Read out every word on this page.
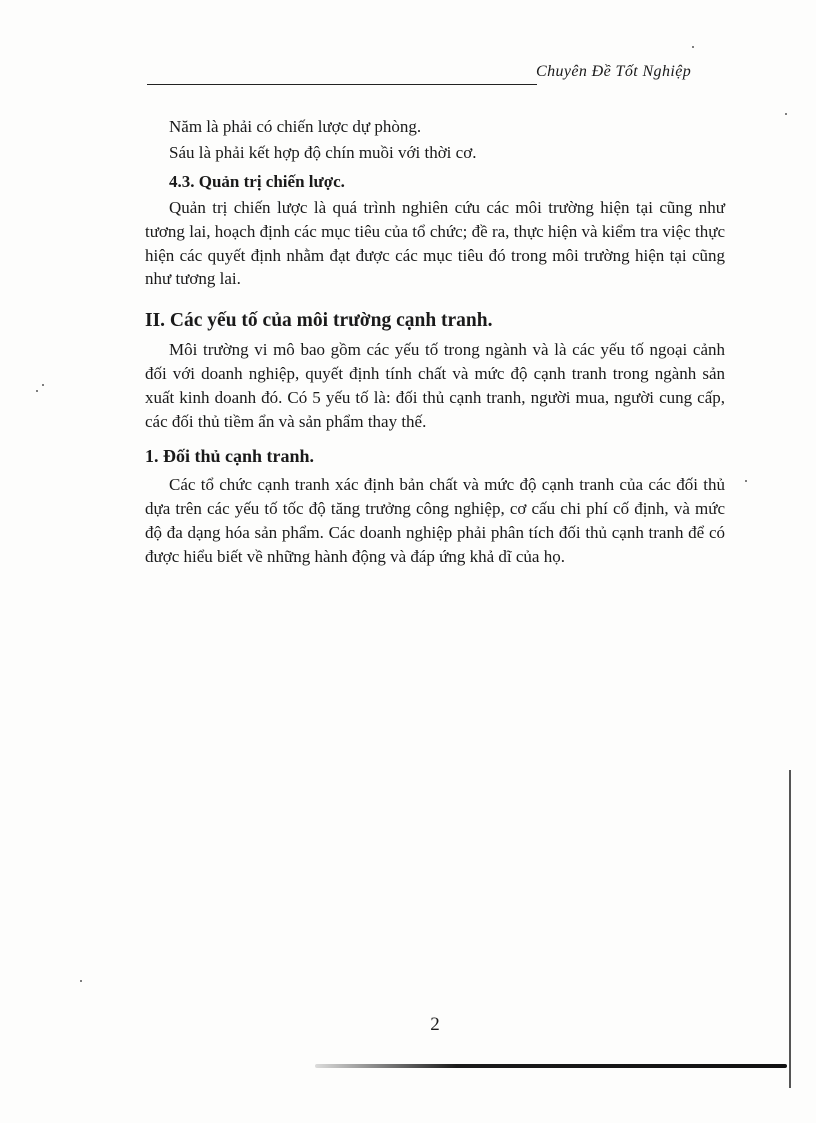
Chuyên Đề Tốt Nghiệp

Năm là phải có chiến lược dự phòng.

Sáu là phải kết hợp độ chín muồi với thời cơ.

4.3. Quản trị chiến lược.

Quản trị chiến lược là quá trình nghiên cứu các môi trường hiện tại cũng như tương lai, hoạch định các mục tiêu của tổ chức; đề ra, thực hiện và kiểm tra việc thực hiện các quyết định nhằm đạt được các mục tiêu đó trong môi trường hiện tại cũng như tương lai.

II. Các yếu tố của môi trường cạnh tranh.

Môi trường vi mô bao gồm các yếu tố trong ngành và là các yếu tố ngoại cảnh đối với doanh nghiệp, quyết định tính chất và mức độ cạnh tranh trong ngành sản xuất kinh doanh đó. Có 5 yếu tố là: đối thủ cạnh tranh, người mua, người cung cấp, các đối thủ tiềm ẩn và sản phẩm thay thế.

1. Đối thủ cạnh tranh.

Các tổ chức cạnh tranh xác định bản chất và mức độ cạnh tranh của các đối thủ dựa trên các yếu tố tốc độ tăng trưởng công nghiệp, cơ cấu chi phí cố định, và mức độ đa dạng hóa sản phẩm. Các doanh nghiệp phải phân tích đối thủ cạnh tranh để có được hiểu biết về những hành động và đáp ứng khả dĩ của họ.

2
